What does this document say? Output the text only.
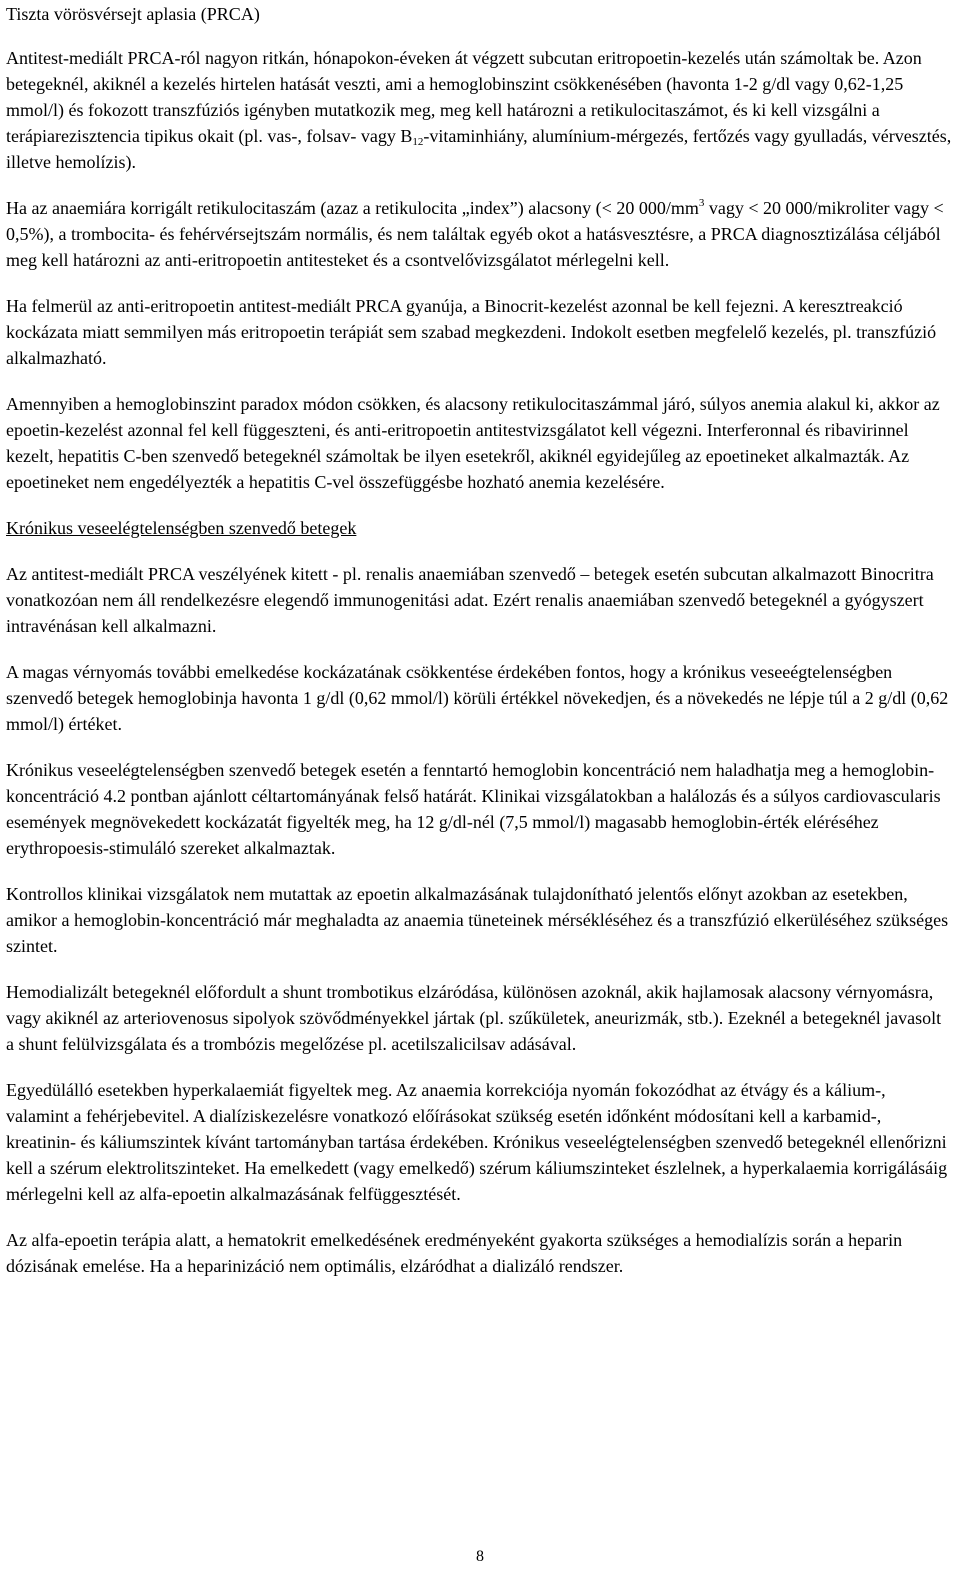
Tiszta vörösvérsejt aplasia (PRCA)

Antitest-mediált PRCA-ról nagyon ritkán, hónapokon-éveken át végzett subcutan eritropoetin-kezelés után számoltak be. Azon betegeknél, akiknél a kezelés hirtelen hatását veszti, ami a hemoglobinszint csökkenésében (havonta 1-2 g/dl vagy 0,62-1,25 mmol/l) és fokozott transzfúziós igényben mutatkozik meg, meg kell határozni a retikulocitaszámot, és ki kell vizsgálni a terápiarezisztencia tipikus okait (pl. vas-, folsav- vagy $B_{12}$-vitaminhiány, alumínium-mérgezés, fertőzés vagy gyulladás, vérvesztés, illetve hemolízis).

Ha az anaemiára korrigált retikulocitaszám (azaz a retikulocita „index”) alacsony (< 20 $000/mm^3$ vagy < 20 000/mikroliter vagy < 0,5%), a trombocita- és fehérvérsejtszám normális, és nem találtak egyéb okot a hatásvesztésre, a PRCA diagnosztizálása céljából meg kell határozni az anti-eritropoetin antitesteket és a csontvelővizsgálatot mérlegelni kell.

Ha felmerül az anti-eritropoetin antitest-mediált PRCA gyanúja, a Binocrit-kezelést azonnal be kell fejezni. A keresztreakció kockázata miatt semmilyen más eritropoetin terápiát sem szabad megkezdeni. Indokolt esetben megfelelő kezelés, pl. transzfúzió alkalmazható.

Amennyiben a hemoglobinszint paradox módon csökken, és alacsony retikulocitaszámmal járó, súlyos anemia alakul ki, akkor az epoetin-kezelést azonnal fel kell függeszteni, és anti-eritropoetin antitestvizsgálatot kell végezni. Interferonnal és ribavirinnel kezelt, hepatitis C-ben szenvedő betegeknél számoltak be ilyen esetekről, akiknél egyidejűleg az epoetineket alkalmazták. Az epoetineket nem engedélyezték a hepatitis C-vel összefüggésbe hozható anemia kezelésére.

Krónikus veseelégtelenségben szenvedő betegek

Az antitest-mediált PRCA veszélyének kitett - pl. renalis anaemiában szenvedő – betegek esetén subcutan alkalmazott Binocritra vonatkozóan nem áll rendelkezésre elegendő immunogenitási adat. Ezért renalis anaemiában szenvedő betegeknél a gyógyszert intravénásan kell alkalmazni.

A magas vérnyomás további emelkedése kockázatának csökkentése érdekében fontos, hogy a krónikus veseeégtelenségben szenvedő betegek hemoglobinja havonta 1 g/dl (0,62 mmol/l) körüli értékkel növekedjen, és a növekedés ne lépje túl a 2 g/dl (0,62 mmol/l) értéket.

Krónikus veseelégtelenségben szenvedő betegek esetén a fenntartó hemoglobin koncentráció nem haladhatja meg a hemoglobin-koncentráció 4.2 pontban ajánlott céltartományának felső határát. Klinikai vizsgálatokban a halálozás és a súlyos cardiovascularis események megnövekedett kockázatát figyelték meg, ha 12 g/dl-nél (7,5 mmol/l) magasabb hemoglobin-érték eléréséhez erythropoesis-stimuláló szereket alkalmaztak.

Kontrollos klinikai vizsgálatok nem mutattak az epoetin alkalmazásának tulajdonítható jelentős előnyt azokban az esetekben, amikor a hemoglobin-koncentráció már meghaladta az anaemia tüneteinek mérsékléséhez és a transzfúzió elkerüléséhez szükséges szintet.

Hemodializált betegeknél előfordult a shunt trombotikus elzáródása, különösen azoknál, akik hajlamosak alacsony vérnyomásra, vagy akiknél az arteriovenosus sipolyok szövődményekkel jártak (pl. szűkületek, aneurizmák, stb.). Ezeknél a betegeknél javasolt a shunt felülvizsgálata és a trombózis megelőzése pl. acetilszalicilsav adásával.

Egyedülálló esetekben hyperkalaemiát figyeltek meg. Az anaemia korrekciója nyomán fokozódhat az étvágy és a kálium-, valamint a fehérjebevitel. A dialíziskezelésre vonatkozó előírásokat szükség esetén időnként módosítani kell a karbamid-, kreatinin- és káliumszintek kívánt tartományban tartása érdekében. Krónikus veseelégtelenségben szenvedő betegeknél ellenőrizni kell a szérum elektrolitszinteket. Ha emelkedett (vagy emelkedő) szérum káliumszinteket észlelnek, a hyperkalaemia korrigálásáig mérlegelni kell az alfa-epoetin alkalmazásának felfüggesztését.

Az alfa-epoetin terápia alatt, a hematokrit emelkedésének eredményeként gyakorta szükséges a hemodialízis során a heparin dózisának emelése. Ha a heparinizáció nem optimális, elzáródhat a dializáló rendszer.

8
